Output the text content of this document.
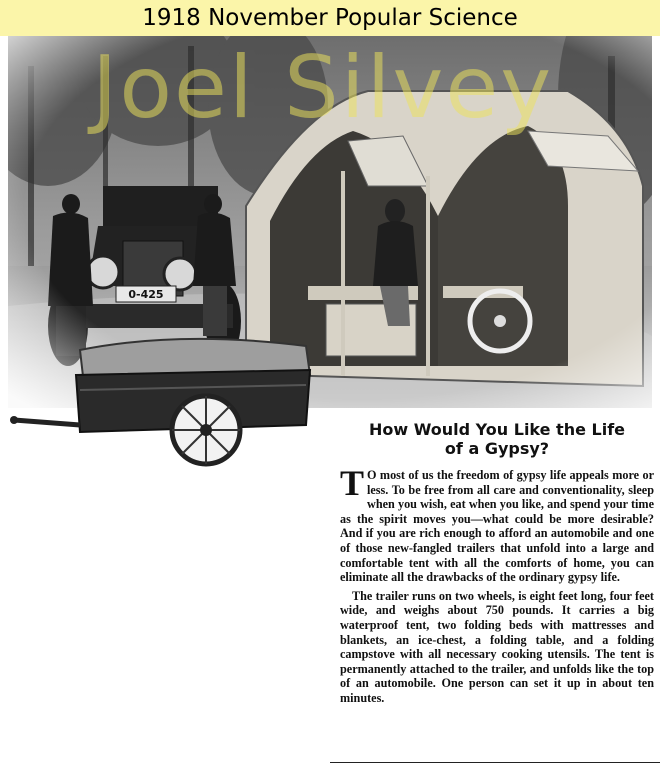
1918 November Popular Science
Joel Silvey
How Would You Like the Life
of a Gypsy?

T O most of us the freedom of gypsy life appeals more or less. To be free from all care and conventionality, sleep when you wish, eat when you like, and spend your time as the spirit moves you—what could be more desirable? And if you are rich enough to afford an automobile and one of those new-fangled trailers that unfold into a large and comfortable tent with all the comforts of home, you can eliminate all the drawbacks of the ordinary gypsy life.

The trailer runs on two wheels, is eight feet long, four feet wide, and weighs about 750 pounds. It carries a big waterproof tent, two folding beds with mattresses and blankets, an ice-chest, a folding table, and a folding campstove with all necessary cooking utensils. The tent is permanently attached to the trailer, and unfolds like the top of an automobile. One person can set it up in about ten minutes.
